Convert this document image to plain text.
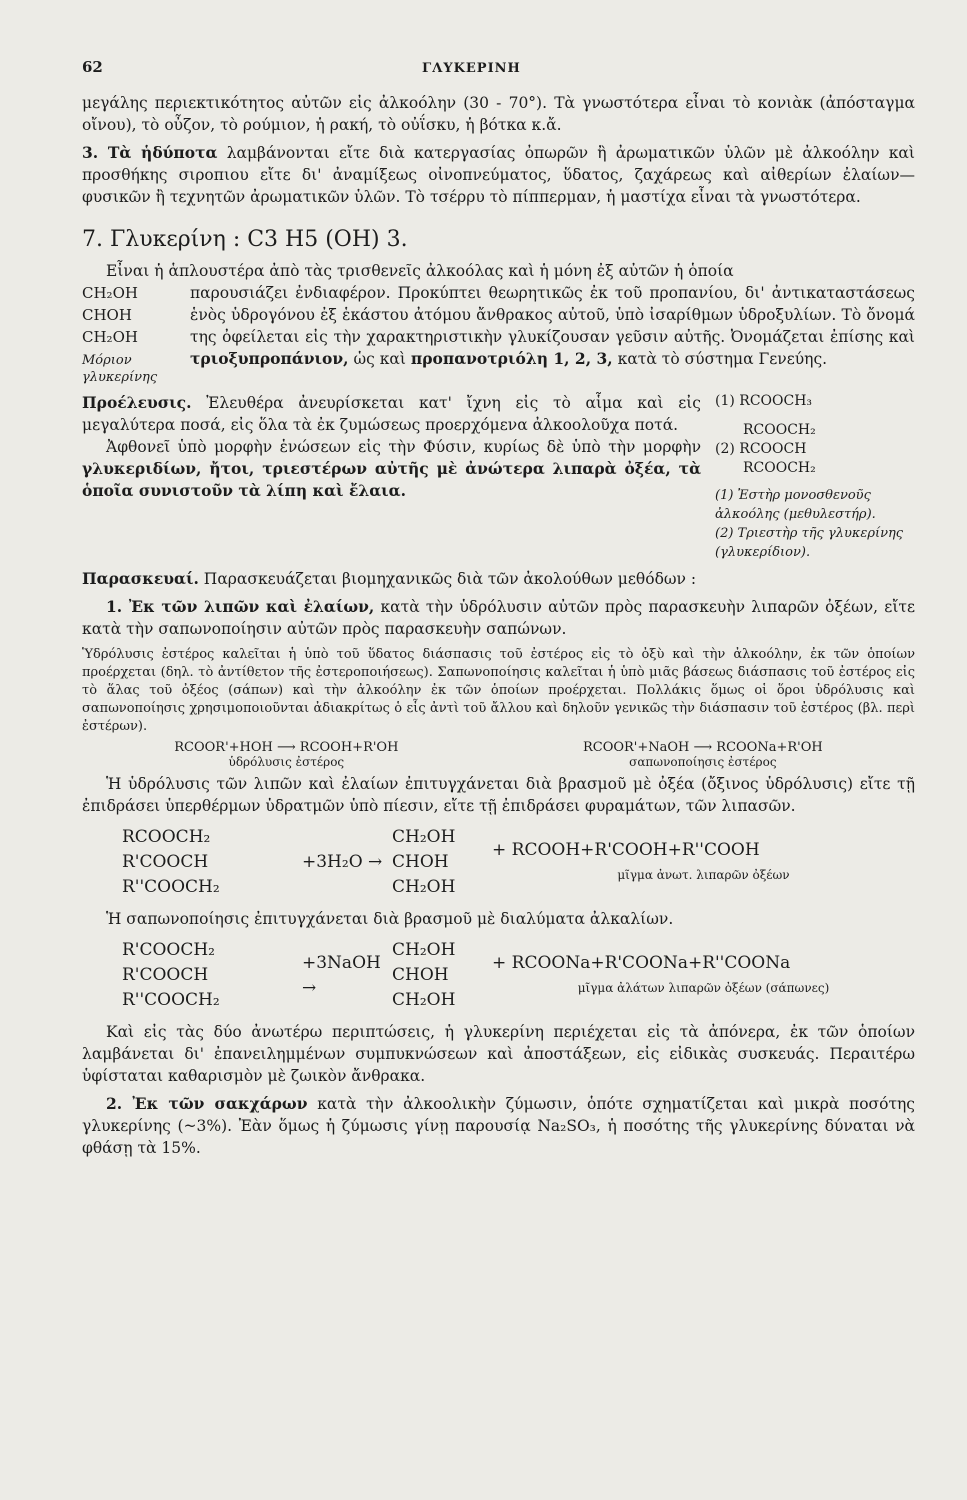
62	ΓΛΥΚΕΡΙΝΗ

μεγάλης περιεκτικότητος αὐτῶν εἰς ἀλκοόλην (30 - 70°). Τὰ γνωστότερα εἶναι τὸ κονιὰκ (ἀπόσταγμα οἴνου), τὸ οὖζον, τὸ ρούμιον, ἡ ρακή, τὸ οὐΐσκυ, ἡ βότκα κ.ἄ.

3. Τὰ ἡδύποτα λαμβάνονται εἴτε διὰ κατεργασίας ὀπωρῶν ἢ ἀρωματικῶν ὑλῶν μὲ ἀλκοόλην καὶ προσθήκης σιροπιου εἴτε δι' ἀναμίξεως οἰνοπνεύματος, ὕδατος, ζαχάρεως καὶ αἰθερίων ἐλαίων—φυσικῶν ἢ τεχνητῶν ἀρωματικῶν ὑλῶν. Τὸ τσέρρυ τὸ πίππερμαν, ἡ μαστίχα εἶναι τὰ γνωστότερα.

7. Γλυκερίνη : C3 H5 (OH) 3.

Εἶναι ἡ ἁπλουστέρα ἀπὸ τὰς τρισθενεῖς ἀλκοόλας καὶ ἡ μόνη ἐξ αὐτῶν ἡ ὁποία

CH₂OH
CHOH
CH₂OH
Μόριον γλυκερίνης

παρουσιάζει ἐνδιαφέρον. Προκύπτει θεωρητικῶς ἐκ τοῦ προπανίου, δι' ἀντικαταστάσεως ἑνὸς ὑδρογόνου ἐξ ἑκάστου ἀτόμου ἄνθρακος αὐτοῦ, ὑπὸ ἰσαρίθμων ὑδροξυλίων. Τὸ ὄνομά της ὀφείλεται εἰς τὴν χαρακτηριστικὴν γλυκίζουσαν γεῦσιν αὐτῆς. Ὀνομάζεται ἐπίσης καὶ τριοξυπροπάνιον, ὡς καὶ προπανοτριόλη 1, 2, 3, κατὰ τὸ σύστημα Γενεύης.

Προέλευσις. Ἐλευθέρα ἀνευρίσκεται κατ' ἴχνη εἰς τὸ αἷμα καὶ εἰς μεγαλύτερα ποσά, εἰς ὅλα τὰ ἐκ ζυμώσεως προερχόμενα ἀλκοολοῦχα ποτά.

Ἀφθονεῖ ὑπὸ μορφὴν ἑνώσεων εἰς τὴν Φύσιν, κυρίως δὲ ὑπὸ τὴν μορφὴν γλυκεριδίων, ἤτοι, τριεστέρων αὐτῆς μὲ ἀνώτερα λιπαρὰ ὀξέα, τὰ ὁποῖα συνιστοῦν τὰ λίπη καὶ ἔλαια.

(1) RCOOCH₃
RCOOCH₂
(2) RCOOCH
RCOOCH₂
(1) Ἐστὴρ μονοσθενοῦς ἀλκοόλης (μεθυλεστήρ).
(2) Τριεστὴρ τῆς γλυκερίνης (γλυκερίδιον).

Παρασκευαί. Παρασκευάζεται βιομηχανικῶς διὰ τῶν ἀκολούθων μεθόδων :

1. Ἐκ τῶν λιπῶν καὶ ἐλαίων, κατὰ τὴν ὑδρόλυσιν αὐτῶν πρὸς παρασκευὴν λιπαρῶν ὀξέων, εἴτε κατὰ τὴν σαπωνοποίησιν αὐτῶν πρὸς παρασκευὴν σαπώνων.

Ὑδρόλυσις ἐστέρος καλεῖται ἡ ὑπὸ τοῦ ὕδατος διάσπασις τοῦ ἐστέρος εἰς τὸ ὀξὺ καὶ τὴν ἀλκοόλην, ἐκ τῶν ὁποίων προέρχεται (δηλ. τὸ ἀντίθετον τῆς ἐστεροποιήσεως). Σαπωνοποίησις καλεῖται ἡ ὑπὸ μιᾶς βάσεως διάσπασις τοῦ ἐστέρος εἰς τὸ ἅλας τοῦ ὀξέος (σάπων) καὶ τὴν ἀλκοόλην ἐκ τῶν ὁποίων προέρχεται. Πολλάκις ὅμως οἱ ὅροι ὑδρόλυσις καὶ σαπωνοποίησις χρησιμοποιοῦνται ἀδιακρίτως ὁ εἷς ἀντὶ τοῦ ἄλλου καὶ δηλοῦν γενικῶς τὴν διάσπασιν τοῦ ἐστέρος (βλ. περὶ ἐστέρων).

RCOOR'+HOH ⟶ RCOOH+R'OH
ὑδρόλυσις ἐστέρος
RCOOR'+NaOH ⟶ RCOONa+R'OH
σαπωνοποίησις ἐστέρος

Ἡ ὑδρόλυσις τῶν λιπῶν καὶ ἐλαίων ἐπιτυγχάνεται διὰ βρασμοῦ μὲ ὀξέα (ὄξινος ὑδρόλυσις) εἴτε τῇ ἐπιδράσει ὑπερθέρμων ὑδρατμῶν ὑπὸ πίεσιν, εἴτε τῇ ἐπιδράσει φυραμάτων, τῶν λιπασῶν.

RCOOCH₂
R'COOCH
R''COOCH₂
+3H₂O →
CH₂OH
CHOH
CH₂OH
+ RCOOH+R'COOH+R''COOH
μῖγμα ἀνωτ. λιπαρῶν ὀξέων

Ἡ σαπωνοποίησις ἐπιτυγχάνεται διὰ βρασμοῦ μὲ διαλύματα ἀλκαλίων.

R'COOCH₂
R'COOCH
R''COOCH₂
+3NaOH →
CH₂OH
CHOH
CH₂OH
+ RCOONa+R'COONa+R''COONa
μῖγμα ἀλάτων λιπαρῶν ὀξέων (σάπωνες)

Καὶ εἰς τὰς δύο ἀνωτέρω περιπτώσεις, ἡ γλυκερίνη περιέχεται εἰς τὰ ἀπόνερα, ἐκ τῶν ὁποίων λαμβάνεται δι' ἐπανειλημμένων συμπυκνώσεων καὶ ἀποστάξεων, εἰς εἰδικὰς συσκευάς. Περαιτέρω ὑφίσταται καθαρισμὸν μὲ ζωικὸν ἄνθρακα.

2. Ἐκ τῶν σακχάρων κατὰ τὴν ἀλκοολικὴν ζύμωσιν, ὁπότε σχηματίζεται καὶ μικρὰ ποσότης γλυκερίνης (~3%). Ἐὰν ὅμως ἡ ζύμωσις γίνῃ παρουσίᾳ Na₂SO₃, ἡ ποσότης τῆς γλυκερίνης δύναται νὰ φθάσῃ τὰ 15%.
